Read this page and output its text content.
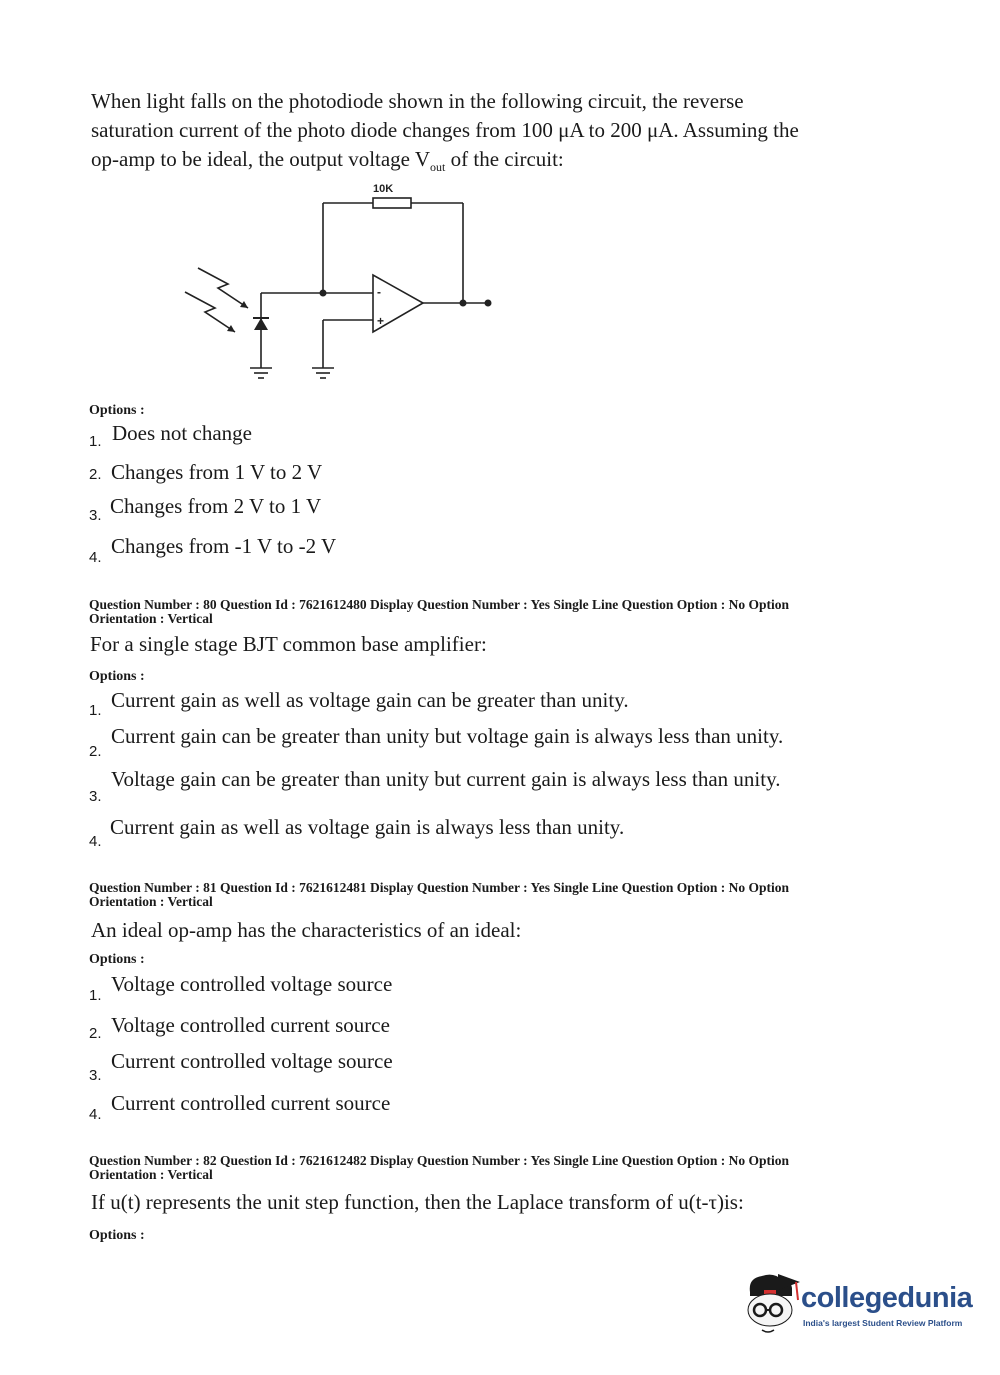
When light falls on the photodiode shown in the following circuit, the reverse
saturation current of the photo diode changes from 100 μA to 200 μA. Assuming the
op-amp to be ideal, the output voltage $V_{out}$ of the circuit:
-
+
10K
Options :
1. Does not change
2. Changes from 1 V to 2 V
3. Changes from 2 V to 1 V
4. Changes from -1 V to -2 V
Question Number : 80 Question Id : 7621612480 Display Question Number : Yes Single Line Question Option : No Option
Orientation : Vertical
For a single stage BJT common base amplifier:
Options :
1. Current gain as well as voltage gain can be greater than unity.
2.
Current gain can be greater than unity but voltage gain is always less than unity.
3.
Voltage gain can be greater than unity but current gain is always less than unity.
4.
Current gain as well as voltage gain is always less than unity.
Question Number : 81 Question Id : 7621612481 Display Question Number : Yes Single Line Question Option : No Option
Orientation : Vertical
An ideal op-amp has the characteristics of an ideal:
Options :
1. Voltage controlled voltage source
2. Voltage controlled current source
3.
Current controlled voltage source
4. Current controlled current source
Question Number : 82 Question Id : 7621612482 Display Question Number : Yes Single Line Question Option : No Option
Orientation : Vertical
If u(t) represents the unit step function, then the Laplace transform of u(t-τ)is:
Options :
collegedunia
India's largest Student Review Platform
